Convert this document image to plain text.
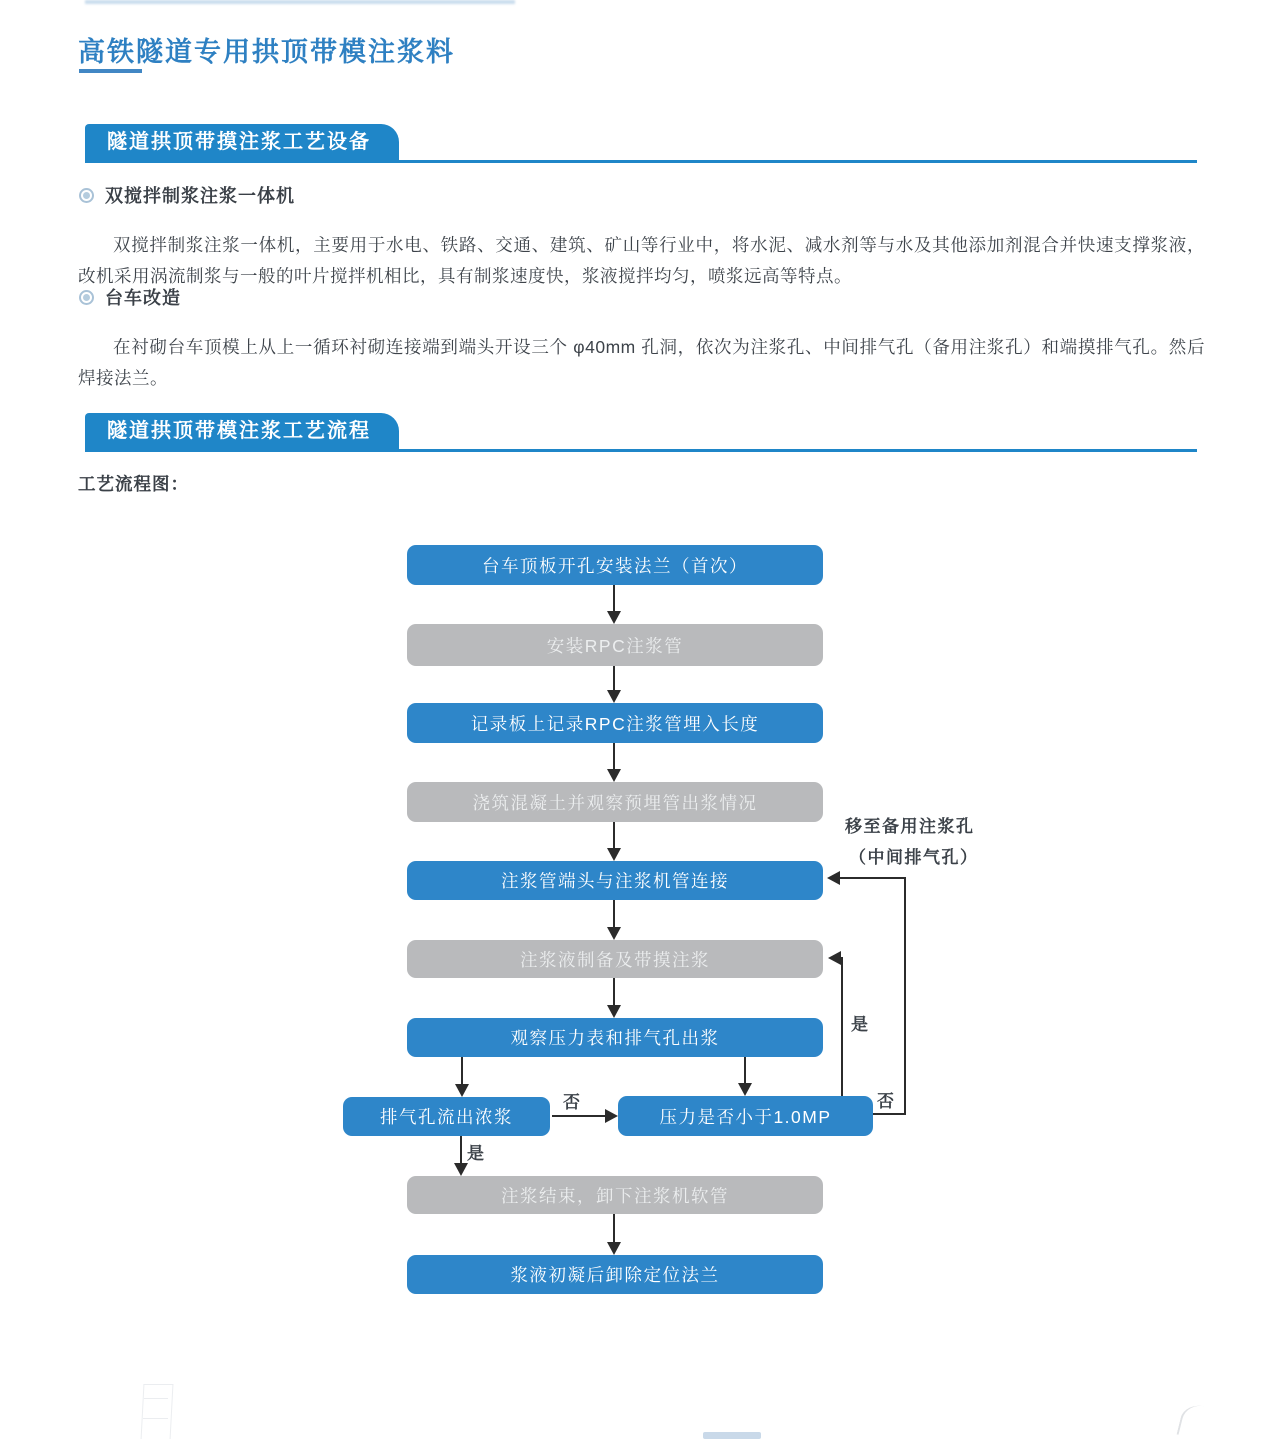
高铁隧道专用拱顶带模注浆料
隧道拱顶带摸注浆工艺设备
双搅拌制浆注浆一体机

双搅拌制浆注浆一体机，主要用于水电、铁路、交通、建筑、矿山等行业中，将水泥、减水剂等与水及其他添加剂混合并快速支撑浆液，改机采用涡流制浆与一般的叶片搅拌机相比，具有制浆速度快，浆液搅拌均匀，喷浆远高等特点。

台车改造

在衬砌台车顶模上从上一循环衬砌连接端到端头开设三个 φ40mm 孔洞，依次为注浆孔、中间排气孔（备用注浆孔）和端摸排气孔。然后焊接法兰。

隧道拱顶带模注浆工艺流程
工艺流程图：
台车顶板开孔安装法兰（首次）
安装RPC注浆管
记录板上记录RPC注浆管埋入长度
浇筑混凝土并观察预埋管出浆情况
注浆管端头与注浆机管连接
注浆液制备及带摸注浆
观察压力表和排气孔出浆
排气孔流出浓浆	压力是否小于1.0MP
注浆结束，卸下注浆机软管
浆液初凝后卸除定位法兰
是
否
是
否
移至备用注浆孔
（中间排气孔）
